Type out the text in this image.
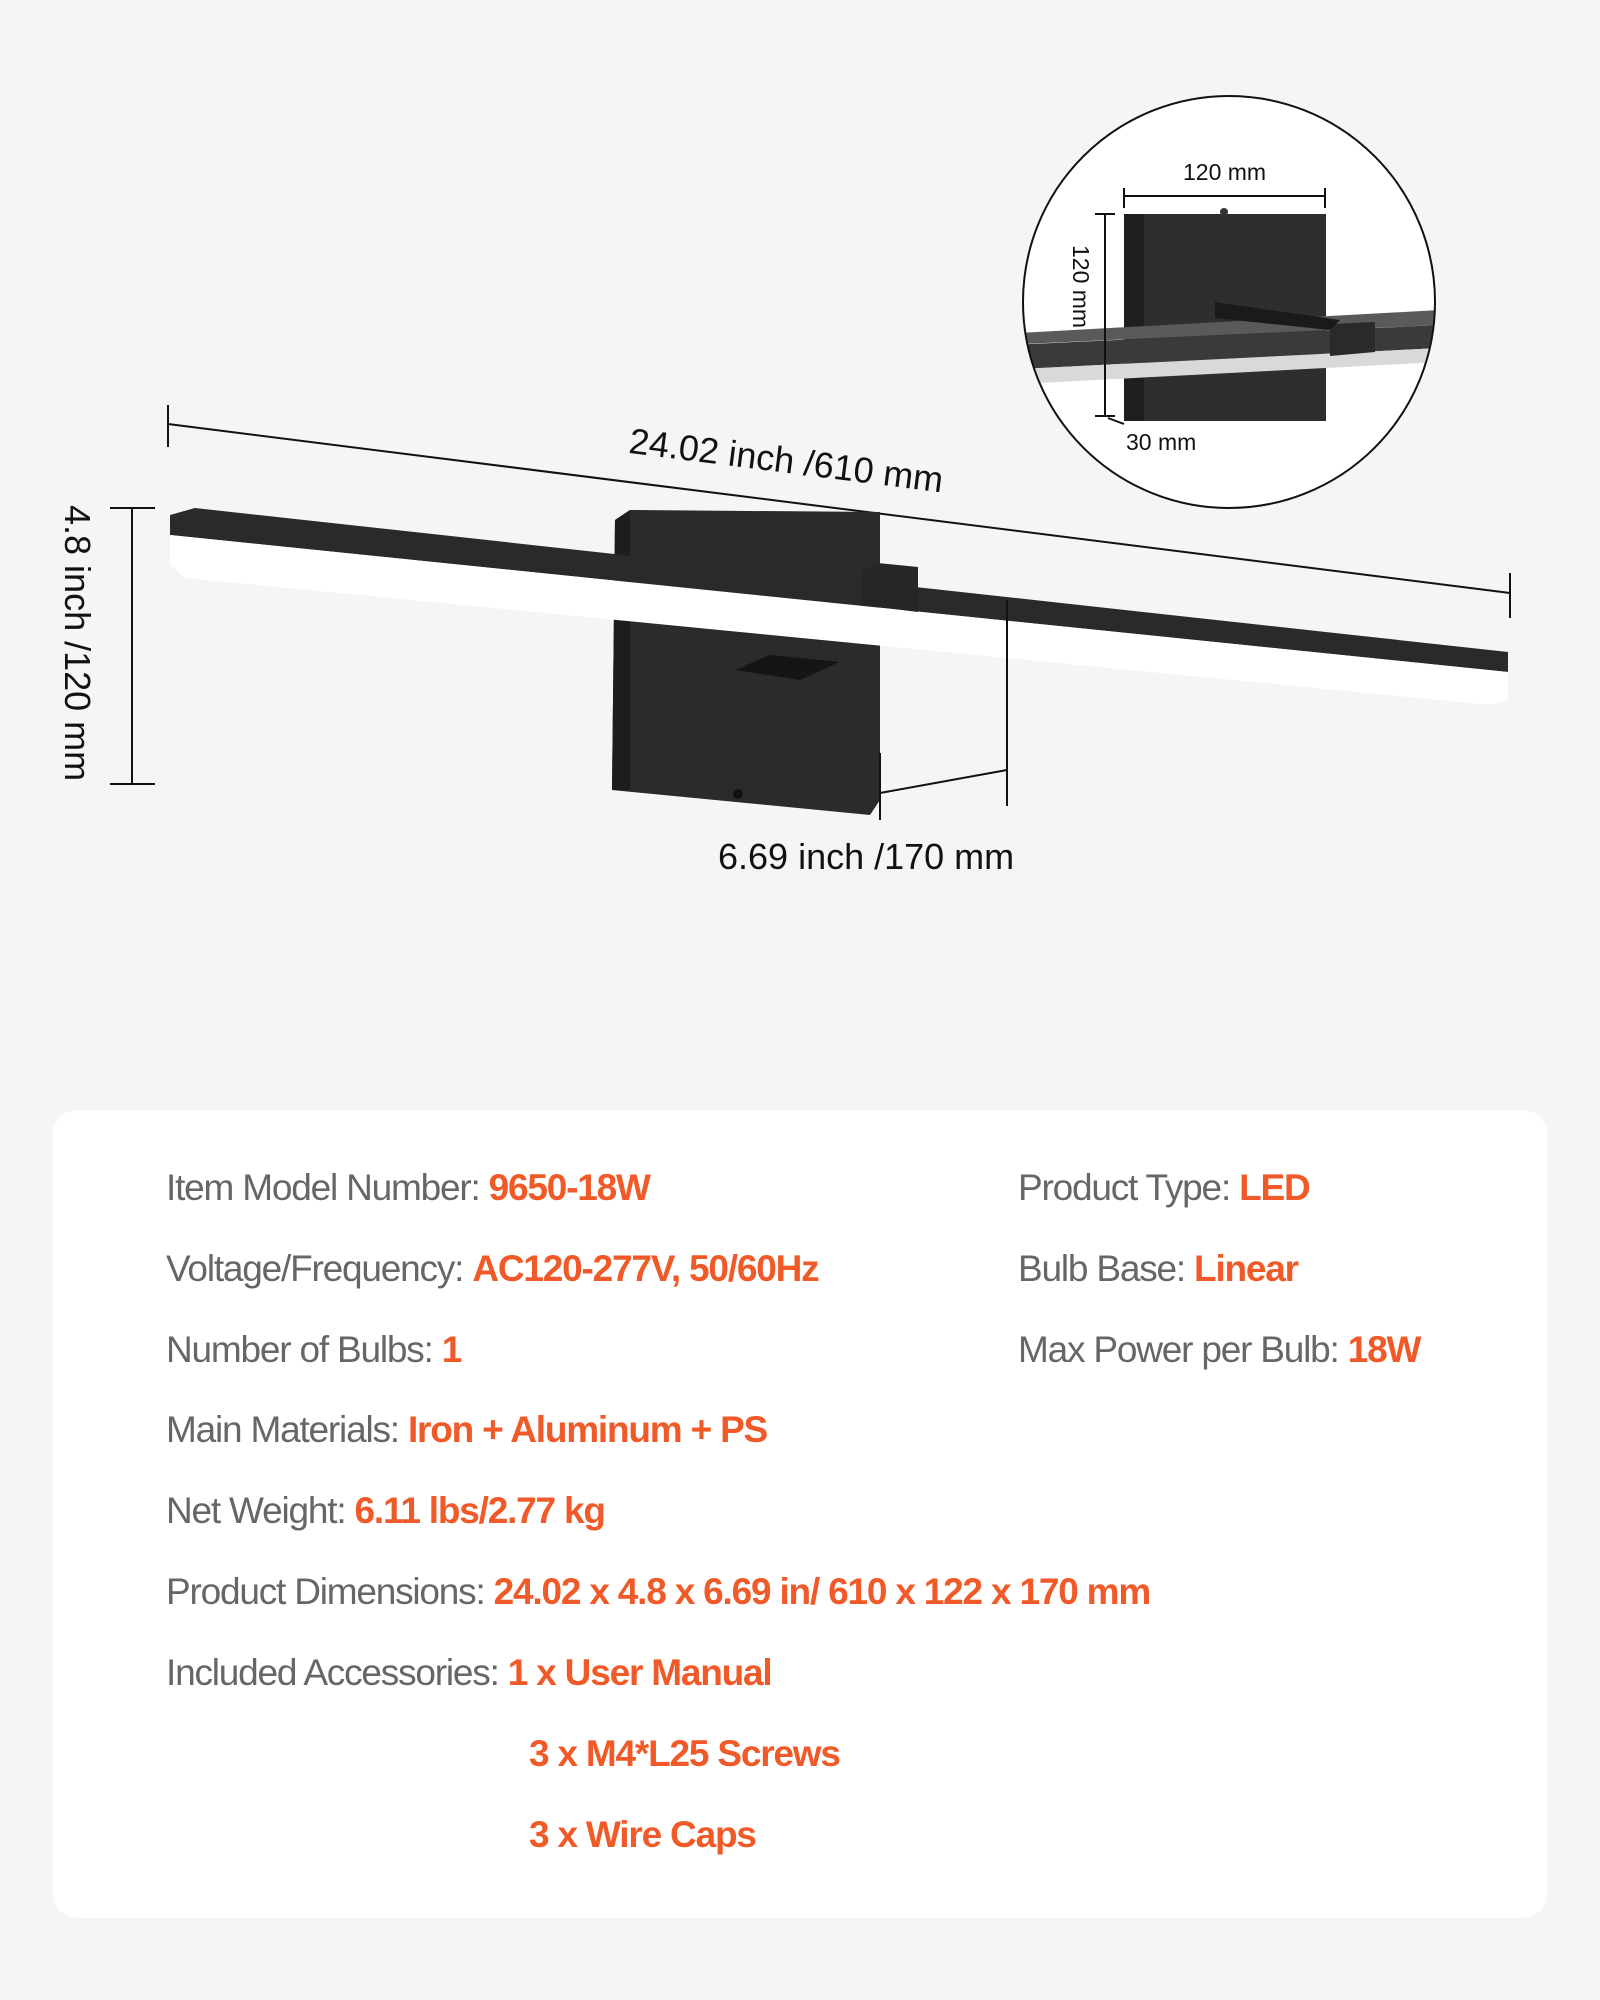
24.02 inch /610 mm
4.8 inch /120 mm
6.69 inch /170 mm
120 mm
120 mm
30 mm
Item Model Number: 9650-18W
Voltage/Frequency: AC120-277V, 50/60Hz
Number of Bulbs: 1
Main Materials: Iron + Aluminum + PS
Net Weight: 6.11 lbs/2.77 kg
Product Dimensions: 24.02 x 4.8 x 6.69 in/ 610 x 122 x 170 mm
Included Accessories: 1 x User Manual
3 x M4*L25 Screws
3 x Wire Caps
Product Type: LED
Bulb Base: Linear
Max Power per Bulb: 18W
